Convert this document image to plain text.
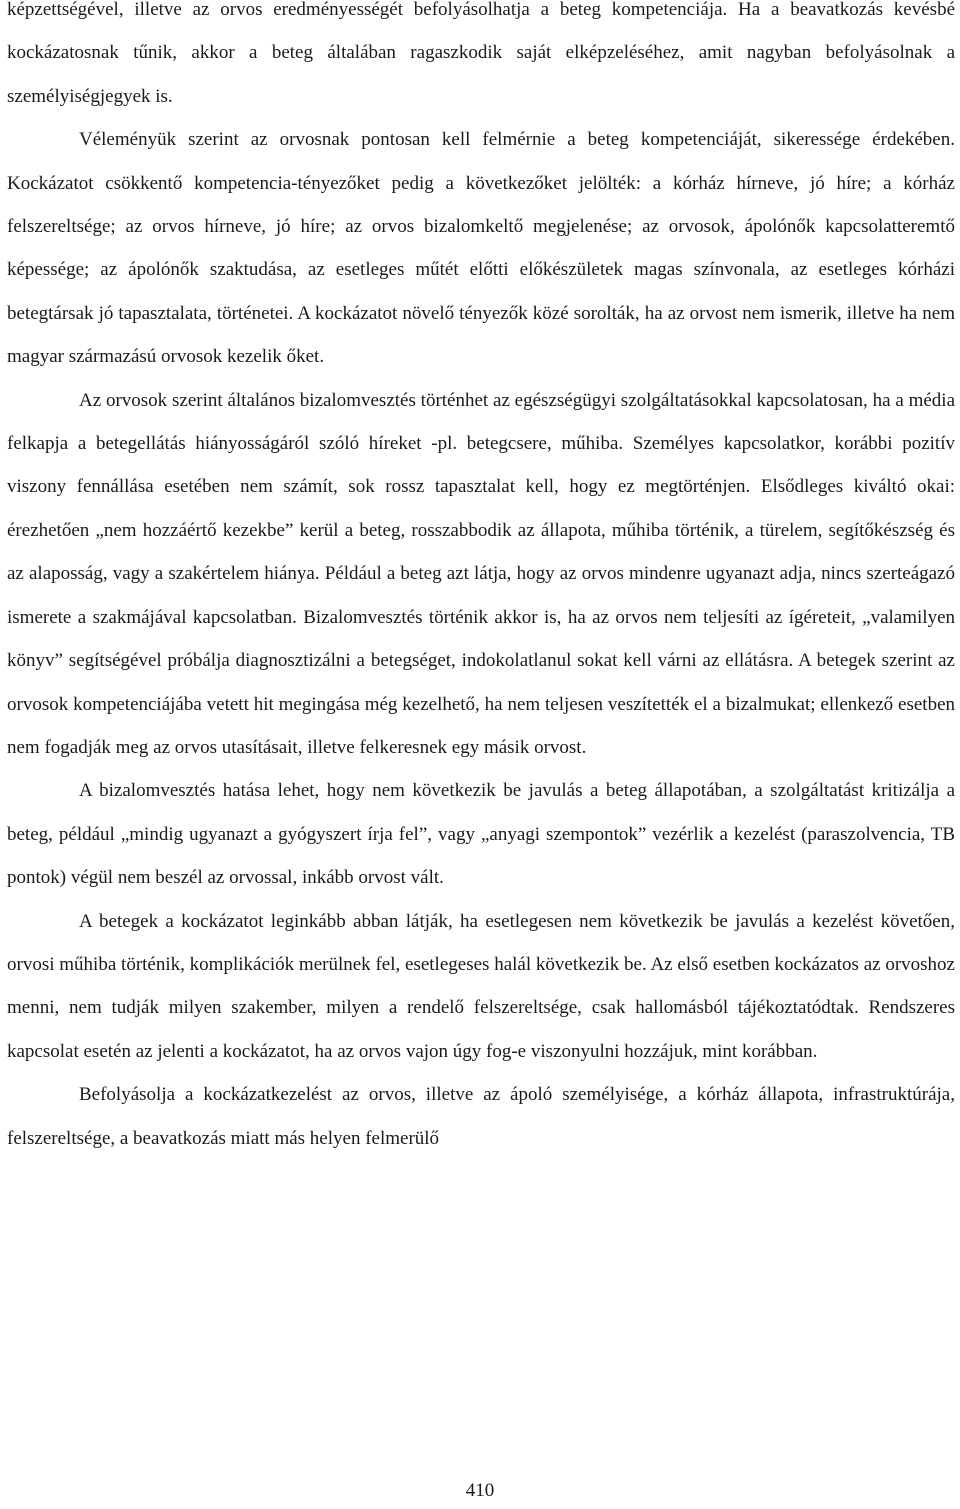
képzettségével, illetve az orvos eredményességét befolyásolhatja a beteg kompetenciája. Ha a beavatkozás kevésbé kockázatosnak tűnik, akkor a beteg általában ragaszkodik saját elképzeléséhez, amit nagyban befolyásolnak a személyiségjegyek is.

Véleményük szerint az orvosnak pontosan kell felmérnie a beteg kompetenciáját, sikeressége érdekében. Kockázatot csökkentő kompetencia-tényezőket pedig a következőket jelölték: a kórház hírneve, jó híre; a kórház felszereltsége; az orvos hírneve, jó híre; az orvos bizalomkeltő megjelenése; az orvosok, ápolónők kapcsolatteremtő képessége; az ápolónők szaktudása, az esetleges műtét előtti előkészületek magas színvonala, az esetleges kórházi betegtársak jó tapasztalata, történetei. A kockázatot növelő tényezők közé sorolták, ha az orvost nem ismerik, illetve ha nem magyar származású orvosok kezelik őket.

Az orvosok szerint általános bizalomvesztés történhet az egészségügyi szolgáltatásokkal kapcsolatosan, ha a média felkapja a betegellátás hiányosságáról szóló híreket -pl. betegcsere, műhiba. Személyes kapcsolatkor, korábbi pozitív viszony fennállása esetében nem számít, sok rossz tapasztalat kell, hogy ez megtörténjen. Elsődleges kiváltó okai: érezhetően „nem hozzáértő kezekbe” kerül a beteg, rosszabbodik az állapota, műhiba történik, a türelem, segítőkészség és az alaposság, vagy a szakértelem hiánya. Például a beteg azt látja, hogy az orvos mindenre ugyanazt adja, nincs szerteágazó ismerete a szakmájával kapcsolatban. Bizalomvesztés történik akkor is, ha az orvos nem teljesíti az ígéreteit, „valamilyen könyv” segítségével próbálja diagnosztizálni a betegséget, indokolatlanul sokat kell várni az ellátásra. A betegek szerint az orvosok kompetenciájába vetett hit megingása még kezelhető, ha nem teljesen veszítették el a bizalmukat; ellenkező esetben nem fogadják meg az orvos utasításait, illetve felkeresnek egy másik orvost.

A bizalomvesztés hatása lehet, hogy nem következik be javulás a beteg állapotában, a szolgáltatást kritizálja a beteg, például „mindig ugyanazt a gyógyszert írja fel”, vagy „anyagi szempontok” vezérlik a kezelést (paraszolvencia, TB pontok) végül nem beszél az orvossal, inkább orvost vált.

A betegek a kockázatot leginkább abban látják, ha esetlegesen nem következik be javulás a kezelést követően, orvosi műhiba történik, komplikációk merülnek fel, esetlegeses halál következik be. Az első esetben kockázatos az orvoshoz menni, nem tudják milyen szakember, milyen a rendelő felszereltsége, csak hallomásból tájékoztatódtak. Rendszeres kapcsolat esetén az jelenti a kockázatot, ha az orvos vajon úgy fog-e viszonyulni hozzájuk, mint korábban.

Befolyásolja a kockázatkezelést az orvos, illetve az ápoló személyisége, a kórház állapota, infrastruktúrája, felszereltsége, a beavatkozás miatt más helyen felmerülő

410
